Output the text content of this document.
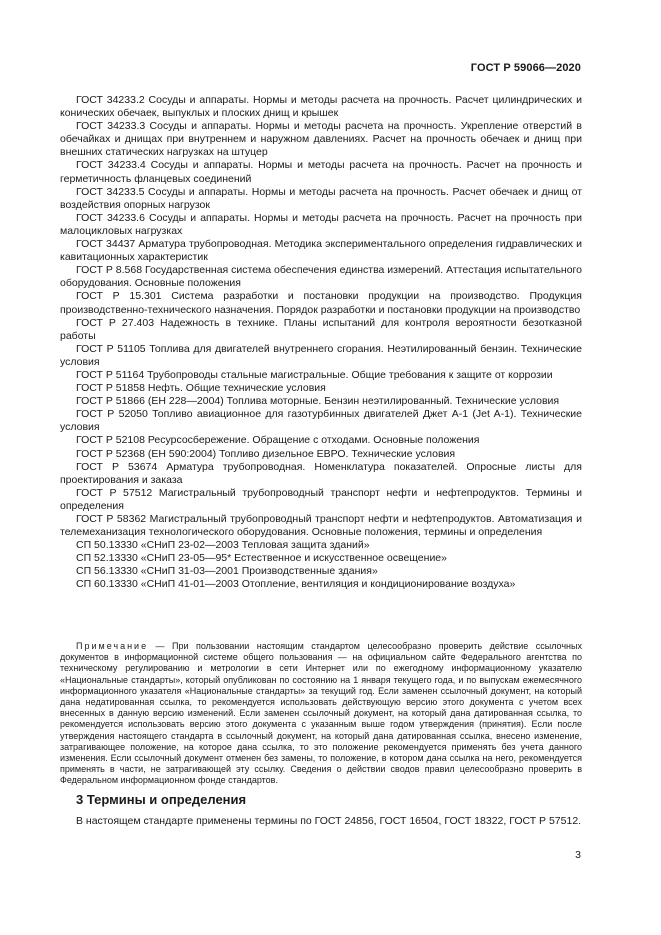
ГОСТ Р 59066—2020

ГОСТ 34233.2 Сосуды и аппараты. Нормы и методы расчета на прочность. Расчет цилиндрических и конических обечаек, выпуклых и плоских днищ и крышек

ГОСТ 34233.3 Сосуды и аппараты. Нормы и методы расчета на прочность. Укрепление отверстий в обечайках и днищах при внутреннем и наружном давлениях. Расчет на прочность обечаек и днищ при внешних статических нагрузках на штуцер

ГОСТ 34233.4 Сосуды и аппараты. Нормы и методы расчета на прочность. Расчет на прочность и герметичность фланцевых соединений

ГОСТ 34233.5 Сосуды и аппараты. Нормы и методы расчета на прочность. Расчет обечаек и днищ от воздействия опорных нагрузок

ГОСТ 34233.6 Сосуды и аппараты. Нормы и методы расчета на прочность. Расчет на прочность при малоцикловых нагрузках

ГОСТ 34437 Арматура трубопроводная. Методика экспериментального определения гидравлических и кавитационных характеристик

ГОСТ Р 8.568 Государственная система обеспечения единства измерений. Аттестация испытательного оборудования. Основные положения

ГОСТ Р 15.301 Система разработки и постановки продукции на производство. Продукция производственно-технического назначения. Порядок разработки и постановки продукции на производство

ГОСТ Р 27.403 Надежность в технике. Планы испытаний для контроля вероятности безотказной работы

ГОСТ Р 51105 Топлива для двигателей внутреннего сгорания. Неэтилированный бензин. Технические условия

ГОСТ Р 51164 Трубопроводы стальные магистральные. Общие требования к защите от коррозии

ГОСТ Р 51858 Нефть. Общие технические условия

ГОСТ Р 51866 (ЕН 228—2004) Топлива моторные. Бензин неэтилированный. Технические условия

ГОСТ Р 52050 Топливо авиационное для газотурбинных двигателей Джет А-1 (Jet A-1). Технические условия

ГОСТ Р 52108 Ресурсосбережение. Обращение с отходами. Основные положения

ГОСТ Р 52368 (ЕН 590:2004) Топливо дизельное ЕВРО. Технические условия

ГОСТ Р 53674 Арматура трубопроводная. Номенклатура показателей. Опросные листы для проектирования и заказа

ГОСТ Р 57512 Магистральный трубопроводный транспорт нефти и нефтепродуктов. Термины и определения

ГОСТ Р 58362 Магистральный трубопроводный транспорт нефти и нефтепродуктов. Автоматизация и телемеханизация технологического оборудования. Основные положения, термины и определения

СП 50.13330 «СНиП 23-02—2003 Тепловая защита зданий»

СП 52.13330 «СНиП 23-05—95* Естественное и искусственное освещение»

СП 56.13330 «СНиП 31-03—2001 Производственные здания»

СП 60.13330 «СНиП 41-01—2003 Отопление, вентиляция и кондиционирование воздуха»

Примечание — При пользовании настоящим стандартом целесообразно проверить действие ссылочных документов в информационной системе общего пользования — на официальном сайте Федерального агентства по техническому регулированию и метрологии в сети Интернет или по ежегодному информационному указателю «Национальные стандарты», который опубликован по состоянию на 1 января текущего года, и по выпускам ежемесячного информационного указателя «Национальные стандарты» за текущий год. Если заменен ссылочный документ, на который дана недатированная ссылка, то рекомендуется использовать действующую версию этого документа с учетом всех внесенных в данную версию изменений. Если заменен ссылочный документ, на который дана датированная ссылка, то рекомендуется использовать версию этого документа с указанным выше годом утверждения (принятия). Если после утверждения настоящего стандарта в ссылочный документ, на который дана датированная ссылка, внесено изменение, затрагивающее положение, на которое дана ссылка, то это положение рекомендуется применять без учета данного изменения. Если ссылочный документ отменен без замены, то положение, в котором дана ссылка на него, рекомендуется применять в части, не затрагивающей эту ссылку. Сведения о действии сводов правил целесообразно проверить в Федеральном информационном фонде стандартов.

3 Термины и определения

В настоящем стандарте применены термины по ГОСТ 24856, ГОСТ 16504, ГОСТ 18322, ГОСТ Р 57512.

3
